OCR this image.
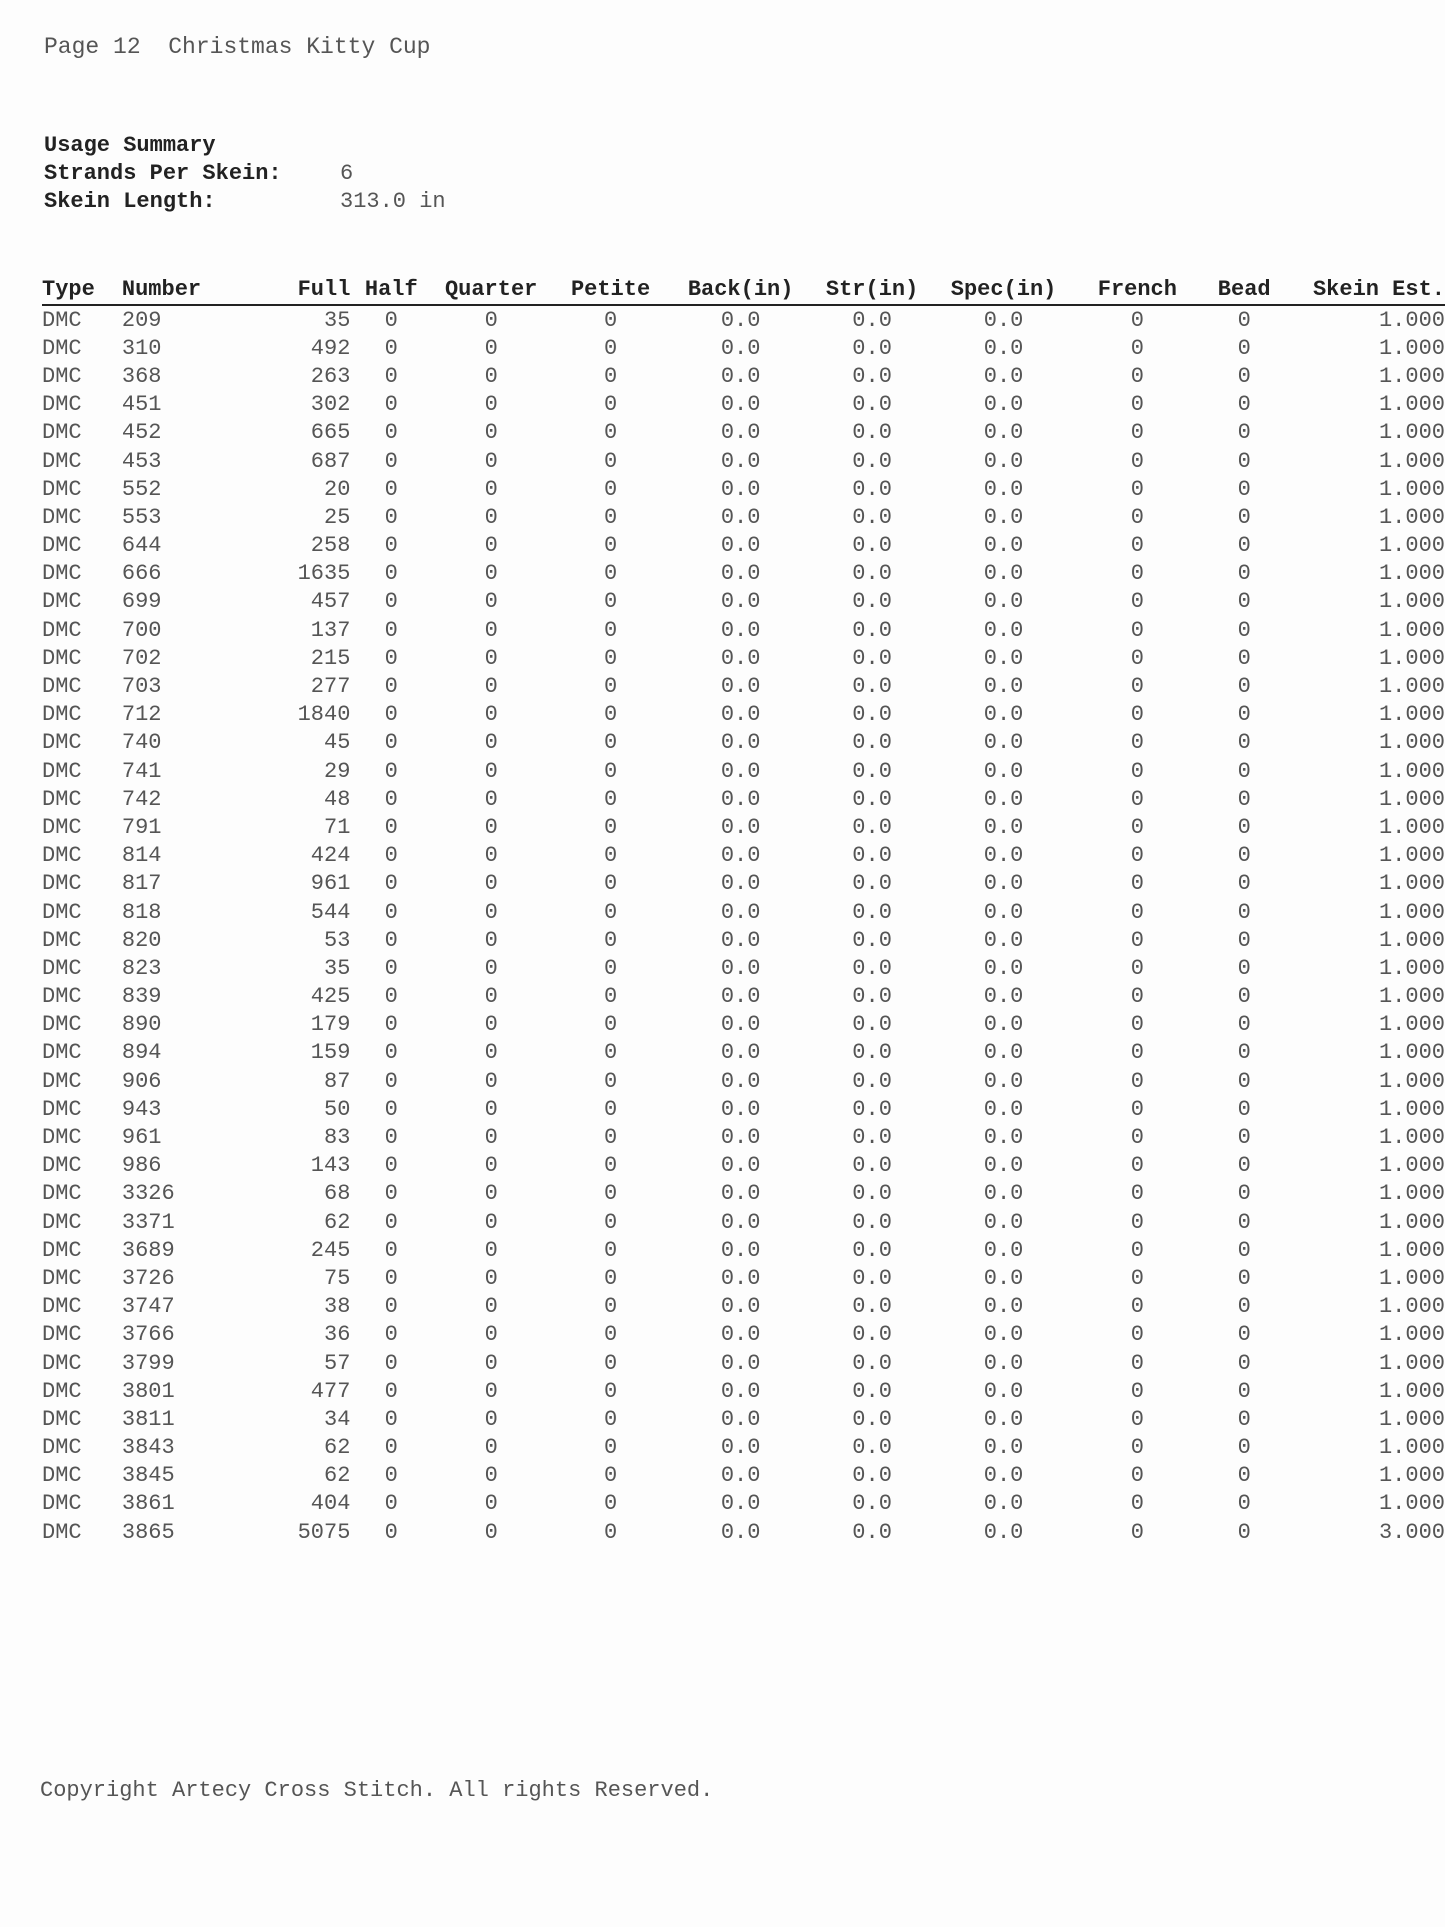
Page 12 Christmas Kitty Cup
Usage Summary
Strands Per Skein:	6
Skein Length:	313.0 in
Type	Number	Full	Half	Quarter	Petite	Back(in)	Str(in)	Spec(in)	French	Bead	Skein Est.
DMC	209	35	0	0	0	0.0	0.0	0.0	0	0	1.000
DMC	310	492	0	0	0	0.0	0.0	0.0	0	0	1.000
DMC	368	263	0	0	0	0.0	0.0	0.0	0	0	1.000
DMC	451	302	0	0	0	0.0	0.0	0.0	0	0	1.000
DMC	452	665	0	0	0	0.0	0.0	0.0	0	0	1.000
DMC	453	687	0	0	0	0.0	0.0	0.0	0	0	1.000
DMC	552	20	0	0	0	0.0	0.0	0.0	0	0	1.000
DMC	553	25	0	0	0	0.0	0.0	0.0	0	0	1.000
DMC	644	258	0	0	0	0.0	0.0	0.0	0	0	1.000
DMC	666	1635	0	0	0	0.0	0.0	0.0	0	0	1.000
DMC	699	457	0	0	0	0.0	0.0	0.0	0	0	1.000
DMC	700	137	0	0	0	0.0	0.0	0.0	0	0	1.000
DMC	702	215	0	0	0	0.0	0.0	0.0	0	0	1.000
DMC	703	277	0	0	0	0.0	0.0	0.0	0	0	1.000
DMC	712	1840	0	0	0	0.0	0.0	0.0	0	0	1.000
DMC	740	45	0	0	0	0.0	0.0	0.0	0	0	1.000
DMC	741	29	0	0	0	0.0	0.0	0.0	0	0	1.000
DMC	742	48	0	0	0	0.0	0.0	0.0	0	0	1.000
DMC	791	71	0	0	0	0.0	0.0	0.0	0	0	1.000
DMC	814	424	0	0	0	0.0	0.0	0.0	0	0	1.000
DMC	817	961	0	0	0	0.0	0.0	0.0	0	0	1.000
DMC	818	544	0	0	0	0.0	0.0	0.0	0	0	1.000
DMC	820	53	0	0	0	0.0	0.0	0.0	0	0	1.000
DMC	823	35	0	0	0	0.0	0.0	0.0	0	0	1.000
DMC	839	425	0	0	0	0.0	0.0	0.0	0	0	1.000
DMC	890	179	0	0	0	0.0	0.0	0.0	0	0	1.000
DMC	894	159	0	0	0	0.0	0.0	0.0	0	0	1.000
DMC	906	87	0	0	0	0.0	0.0	0.0	0	0	1.000
DMC	943	50	0	0	0	0.0	0.0	0.0	0	0	1.000
DMC	961	83	0	0	0	0.0	0.0	0.0	0	0	1.000
DMC	986	143	0	0	0	0.0	0.0	0.0	0	0	1.000
DMC	3326	68	0	0	0	0.0	0.0	0.0	0	0	1.000
DMC	3371	62	0	0	0	0.0	0.0	0.0	0	0	1.000
DMC	3689	245	0	0	0	0.0	0.0	0.0	0	0	1.000
DMC	3726	75	0	0	0	0.0	0.0	0.0	0	0	1.000
DMC	3747	38	0	0	0	0.0	0.0	0.0	0	0	1.000
DMC	3766	36	0	0	0	0.0	0.0	0.0	0	0	1.000
DMC	3799	57	0	0	0	0.0	0.0	0.0	0	0	1.000
DMC	3801	477	0	0	0	0.0	0.0	0.0	0	0	1.000
DMC	3811	34	0	0	0	0.0	0.0	0.0	0	0	1.000
DMC	3843	62	0	0	0	0.0	0.0	0.0	0	0	1.000
DMC	3845	62	0	0	0	0.0	0.0	0.0	0	0	1.000
DMC	3861	404	0	0	0	0.0	0.0	0.0	0	0	1.000
DMC	3865	5075	0	0	0	0.0	0.0	0.0	0	0	3.000
Copyright Artecy Cross Stitch. All rights Reserved.
